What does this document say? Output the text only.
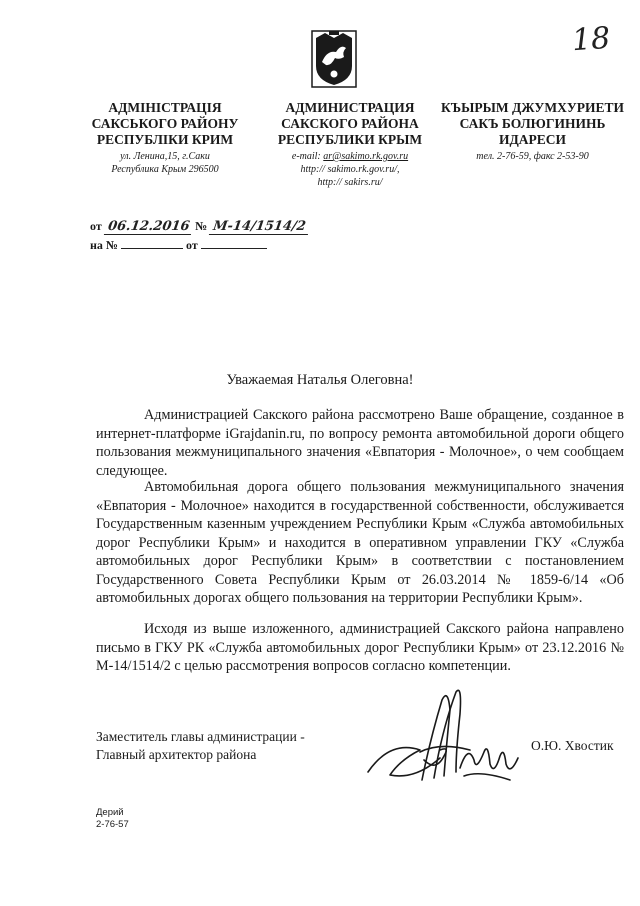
18

АДМІНІСТРАЦІЯ

САКСЬКОГО РАЙОНУ

РЕСПУБЛІКИ КРИМ

ул. Ленина,15, г.Саки
Республика Крым 296500

АДМИНИСТРАЦИЯ

САКСКОГО РАЙОНА

РЕСПУБЛИКИ КРЫМ

e-mail: ar@sakimo.rk.gov.ru
http:// sakimo.rk.gov.ru/,
http:// sakirs.ru/

КЪЫРЫМ ДЖУМХУРИЕТИ

САКЪ БОЛЮГИНИНЬ

ИДАРЕСИ

тел. 2-76-59, факс 2-53-90
от 06.12.2016 № М-14/1514/2
на №	от
Уважаемая Наталья Олеговна!

Администрацией Сакского района рассмотрено Ваше обращение, созданное в интернет-платформе iGrajdanin.ru, по вопросу ремонта автомобильной дороги общего пользования межмуниципального значения «Евпатория - Молочное», о чем сообщаем следующее.

Автомобильная дорога общего пользования межмуниципального значения «Евпатория - Молочное» находится в государственной собственности, обслуживается Государственным казенным учреждением Республики Крым «Служба автомобильных дорог Республики Крым» и находится в оперативном управлении ГКУ «Служба автомобильных дорог Республики Крым» в соответствии с постановлением Государственного Совета Республики Крым от 26.03.2014 № 1859-6/14 «Об автомобильных дорогах общего пользования на территории Республики Крым».

Исходя из выше изложенного, администрацией Сакского района направлено письмо в ГКУ РК «Служба автомобильных дорог Республики Крым» от 23.12.2016 № М-14/1514/2 с целью рассмотрения вопросов согласно компетенции.

Заместитель главы администрации -
Главный архитектор района
О.Ю. Хвостик
Дерий
2-76-57
